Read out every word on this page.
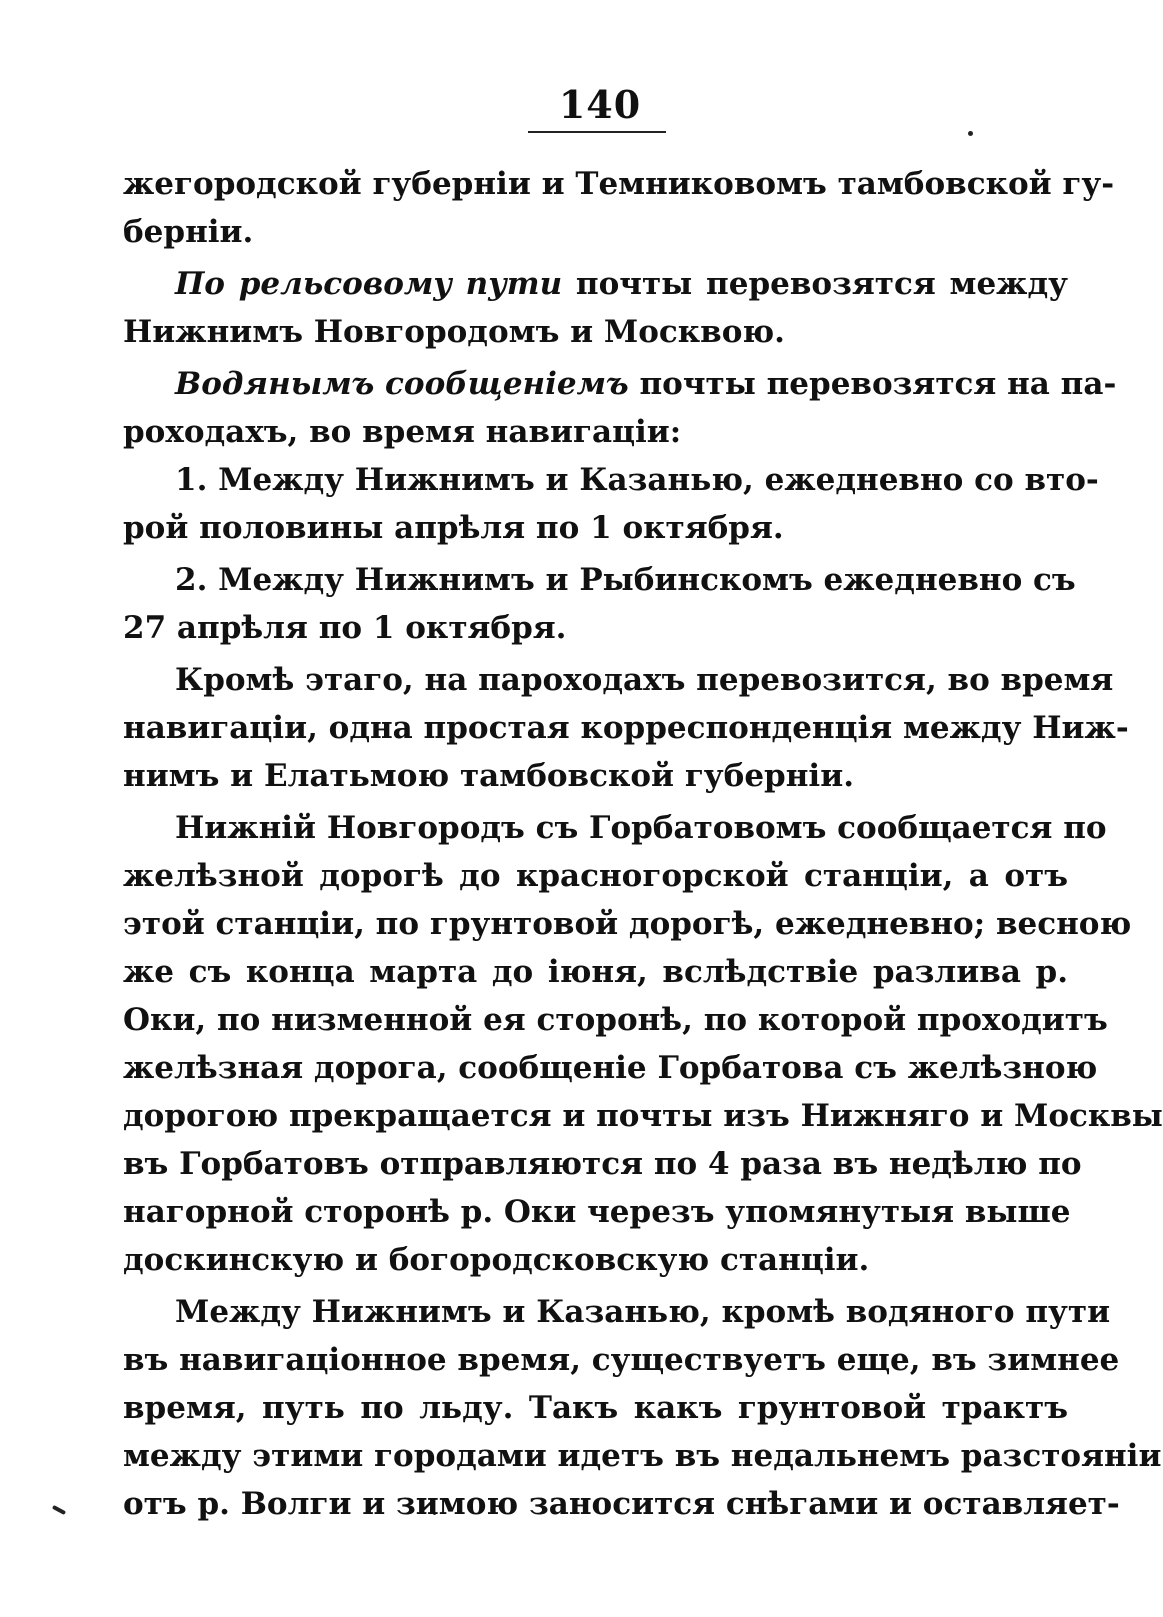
140
жегородской губерніи и Темниковомъ тамбовской гу-
берніи.
По рельсовому пути почты перевозятся между
Нижнимъ Новгородомъ и Москвою.
Водянымъ сообщеніемъ почты перевозятся на па-
роходахъ, во время навигаціи:
1. Между Нижнимъ и Казанью, ежедневно со вто-
рой половины апрѣля по 1 октября.
2. Между Нижнимъ и Рыбинскомъ ежедневно съ
27 апрѣля по 1 октября.
Кромѣ этаго, на пароходахъ перевозится, во время
навигаціи, одна простая корреспонденція между Ниж-
нимъ и Елатьмою тамбовской губерніи.
Нижній Новгородъ съ Горбатовомъ сообщается по
желѣзной дорогѣ до красногорской станціи, а отъ
этой станціи, по грунтовой дорогѣ, ежедневно; весною
же съ конца марта до іюня, вслѣдствіе разлива р.
Оки, по низменной ея сторонѣ, по которой проходитъ
желѣзная дорога, сообщеніе Горбатова съ желѣзною
дорогою прекращается и почты изъ Нижняго и Москвы
въ Горбатовъ отправляются по 4 раза въ недѣлю по
нагорной сторонѣ р. Оки черезъ упомянутыя выше
доскинскую и богородсковскую станціи.
Между Нижнимъ и Казанью, кромѣ водяного пути
въ навигаціонное время, существуетъ еще, въ зимнее
время, путь по льду. Такъ какъ грунтовой трактъ
между этими городами идетъ въ недальнемъ разстояніи
отъ р. Волги и зимою заносится снѣгами и оставляет-
